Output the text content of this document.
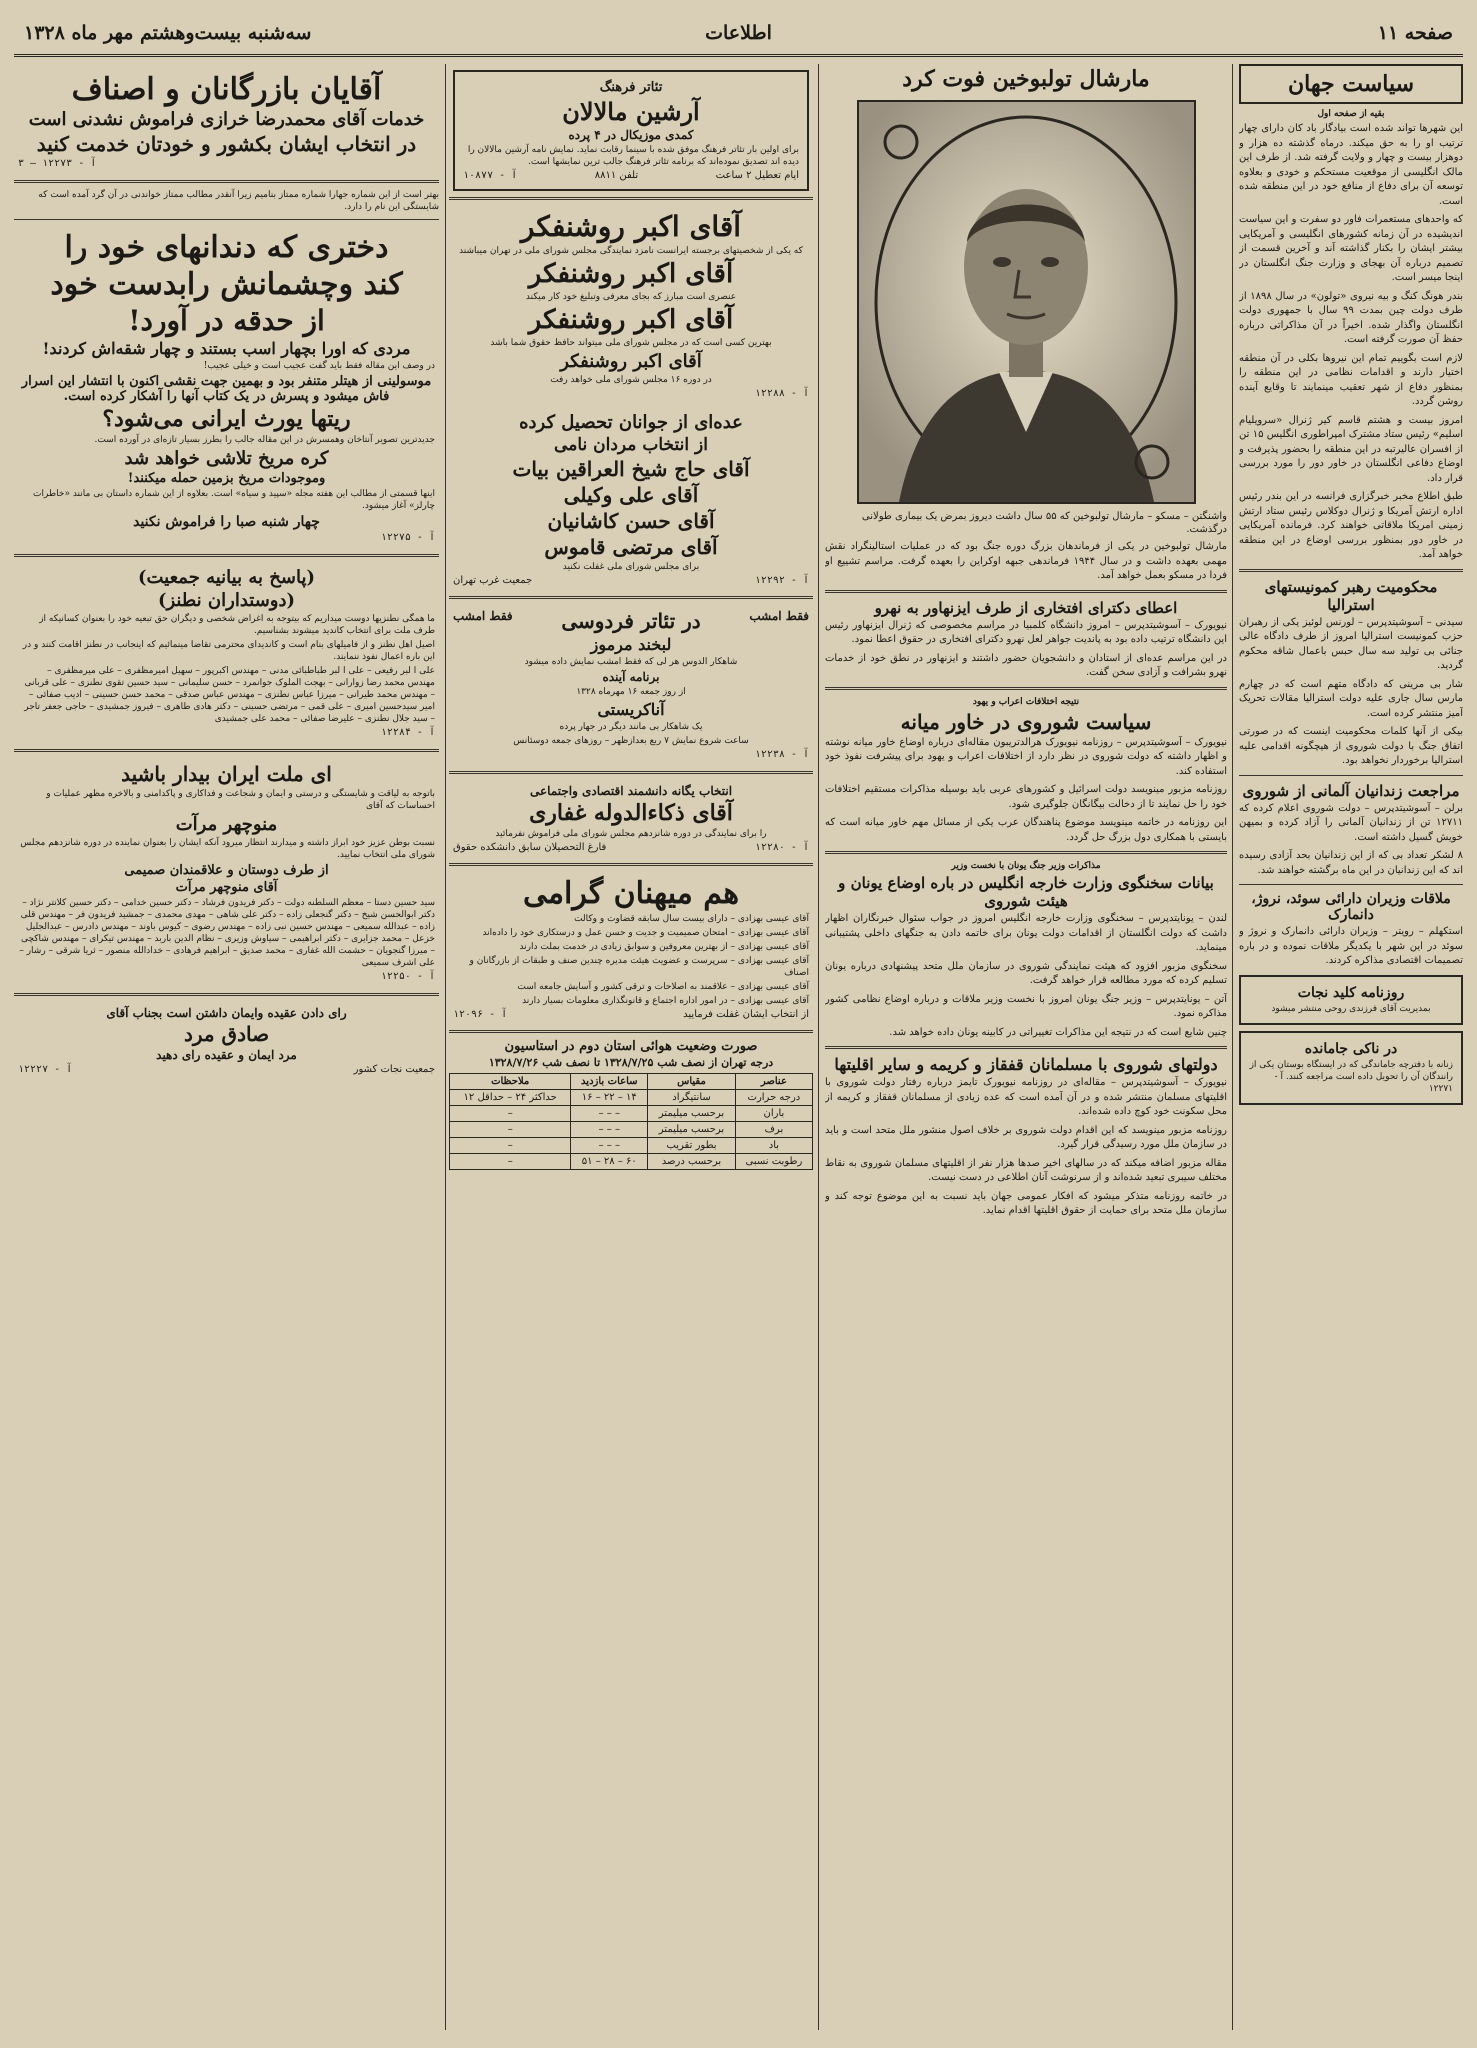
صفحه ۱۱
اطلاعات
سه‌شنبه بیست‌وهشتم مهر ماه ۱۳۲۸
سیاست جهان
بقیه از صفحه اول

این شهرها تواند شده است بیادگار باد کان دارای چهار ترتیب او را به حق میکند. درماه گذشته ده هزار و دوهزار بیست و چهار و ولایت گرفته شد. از طرف این مالک انگلیسی از موقعیت مستحکم و خودی و بعلاوه توسعه آن برای دفاع از منافع خود در این منطقه شده است.

که واحدهای مستعمرات فاور دو سفرت و این سیاست اندیشیده در آن زمانه کشورهای انگلیسی و آمریکایی بیشتر ایشان را بکنار گذاشته آند و آخرین قسمت از تصمیم درباره آن بهجای و وزارت جنگ انگلستان در اینجا میسر است.

بندر هونگ کنگ و بیه نیروی «تولون» در سال ۱۸۹۸ از طرف دولت چین بمدت ۹۹ سال با جمهوری دولت انگلستان واگذار شده. اخیراً در آن مذاکراتی درباره حفظ آن صورت گرفته است.

لازم است بگوییم تمام این نیروها بکلی در آن منطقه اختیار دارند و اقدامات نظامی در این منطقه را بمنظور دفاع از شهر تعقیب مینمایند تا وقایع آینده روشن گردد.

امروز بیست و هشتم قاسم کیر ژنرال «سرویلیام اسلیم» رئیس ستاد مشترک امپراطوری انگلیس ۱۵ تن از افسران عالیرتبه در این منطقه را بحضور پذیرفت و اوضاع دفاعی انگلستان در خاور دور را مورد بررسی قرار داد.

طبق اطلاع مخبر خبرگزاری فرانسه در این بندر رئیس اداره ارتش آمریکا و ژنرال دوکلاس رئیس ستاد ارتش زمینی امریکا ملاقاتی خواهند کرد. فرمانده آمریکایی در خاور دور بمنظور بررسی اوضاع در این منطقه خواهد آمد.

محکومیت رهبر کمونیستهای استرالیا

سیدنی – آسوشیتدپرس – لورنس لوئیز یکی از رهبران حزب کمونیست استرالیا امروز از طرف دادگاه عالی جنائی بی تولید سه سال حبس باعمال شاقه محکوم گردید.

شار بی مرینی که دادگاه متهم است که در چهارم مارس سال جاری علیه دولت استرالیا مقالات تحریک آمیز منتشر کرده است.

بیکی از آنها کلمات محکومیت اینست که در صورتی اتفاق جنگ با دولت شوروی از هیچگونه اقدامی علیه استرالیا برخوردار نخواهد بود.

مراجعت زندانیان آلمانی از شوروی

برلن – آسوشیتدپرس – دولت شوروی اعلام کرده که ۱۲۷۱۱ تن از زندانیان آلمانی را آزاد کرده و بمیهن خویش گسیل داشته است.

۸ لشکر تعداد بی که از این زندانیان بحد آزادی رسیده اند که این زندانیان در این ماه برگشته خواهند شد.

ملاقات وزیران دارائی سوئد، نروژ، دانمارک

استکهلم – رویتر – وزیران دارائی دانمارک و نروژ و سوئد در این شهر با یکدیگر ملاقات نموده و در باره تصمیمات اقتصادی مذاکره کردند.

روزنامه کلید نجات
بمدیریت آقای فرزندی روحی منتشر میشود
در ناکی جامانده
زنانه با دفترچه جاماندگی که در ایستگاه بوستان یکی از رانندگان آن را تحویل داده است مراجعه کنند. آ - ۱۲۲۷۱
مارشال تولبوخین فوت کرد

واشنگتن – مسکو – مارشال تولبوخین که ۵۵ سال داشت دیروز بمرض یک بیماری طولانی درگذشت.

مارشال تولبوخین در یکی از فرماندهان بزرگ دوره جنگ بود که در عملیات استالینگراد نقش مهمی بعهده داشت و در سال ۱۹۴۴ فرماندهی جبهه اوکراین را بعهده گرفت. مراسم تشییع او فردا در مسکو بعمل خواهد آمد.

اعطای دکترای افتخاری از طرف ایزنهاور به نهرو

نیویورک – آسوشیتدپرس – امروز دانشگاه کلمبیا در مراسم مخصوصی که ژنرال ایزنهاور رئیس این دانشگاه ترتیب داده بود به پاندیت جواهر لعل نهرو دکترای افتخاری در حقوق اعطا نمود.

در این مراسم عده‌ای از استادان و دانشجویان حضور داشتند و ایزنهاور در نطق خود از خدمات نهرو بشرافت و آزادی سخن گفت.

نتیجه اختلافات اعراب و یهود
سیاست شوروی در خاور میانه

نیویورک – آسوشیتدپرس – روزنامه نیویورک هرالدتریبون مقاله‌ای درباره اوضاع خاور میانه نوشته و اظهار داشته که دولت شوروی در نظر دارد از اختلافات اعراب و یهود برای پیشرفت نفوذ خود استفاده کند.

روزنامه مزبور مینویسد دولت اسرائیل و کشورهای عربی باید بوسیله مذاکرات مستقیم اختلافات خود را حل نمایند تا از دخالت بیگانگان جلوگیری شود.

این روزنامه در خاتمه مینویسد موضوع پناهندگان عرب یکی از مسائل مهم خاور میانه است که بایستی با همکاری دول بزرگ حل گردد.

مذاکرات وزیر جنگ یونان با نخست وزیر
بیانات سخنگوی وزارت خارجه انگلیس در باره اوضاع یونان و هیئت شوروی

لندن – یونایتدپرس – سخنگوی وزارت خارجه انگلیس امروز در جواب سئوال خبرنگاران اظهار داشت که دولت انگلستان از اقدامات دولت یونان برای خاتمه دادن به جنگهای داخلی پشتیبانی مینماید.

سخنگوی مزبور افزود که هیئت نمایندگی شوروی در سازمان ملل متحد پیشنهادی درباره یونان تسلیم کرده که مورد مطالعه قرار خواهد گرفت.

آتن – یونایتدپرس – وزیر جنگ یونان امروز با نخست وزیر ملاقات و درباره اوضاع نظامی کشور مذاکره نمود.

چنین شایع است که در نتیجه این مذاکرات تغییراتی در کابینه یونان داده خواهد شد.

دولتهای شوروی با مسلمانان قفقاز و کریمه و سایر اقلیتها

نیویورک – آسوشیتدپرس – مقاله‌ای در روزنامه نیویورک تایمز درباره رفتار دولت شوروی با اقلیتهای مسلمان منتشر شده و در آن آمده است که عده زیادی از مسلمانان قفقاز و کریمه از محل سکونت خود کوچ داده شده‌اند.

روزنامه مزبور مینویسد که این اقدام دولت شوروی بر خلاف اصول منشور ملل متحد است و باید در سازمان ملل مورد رسیدگی قرار گیرد.

مقاله مزبور اضافه میکند که در سالهای اخیر صدها هزار نفر از اقلیتهای مسلمان شوروی به نقاط مختلف سیبری تبعید شده‌اند و از سرنوشت آنان اطلاعی در دست نیست.

در خاتمه روزنامه متذکر میشود که افکار عمومی جهان باید نسبت به این موضوع توجه کند و سازمان ملل متحد برای حمایت از حقوق اقلیتها اقدام نماید.

تئاتر فرهنگ
آرشین مالالان
کمدی موزیکال در ۴ پرده

برای اولین بار تئاتر فرهنگ موفق شده با سینما رقابت نماید. نمایش نامه آرشین مالالان را دیده اند تصدیق نموده‌اند که برنامه تئاتر فرهنگ جالب ترین نمایشها است.

ایام تعطیل ۲ ساعت
تلفن ۸۸۱۱
آ - ۱۰۸۷۷
آقای اکبر روشنفکر

که یکی از شخصیتهای برجسته ایرانست نامزد نمایندگی مجلس شورای ملی در تهران میباشند

آقای اکبر روشنفکر

عنصری است مبارز که بجای معرفی وتبلیغ خود کار میکند

آقای اکبر روشنفکر

بهترین کسی است که در مجلس شورای ملی میتواند حافظ حقوق شما باشد

آقای اکبر روشنفکر

در دوره ۱۶ مجلس شورای ملی خواهد رفت

آ - ۱۲۲۸۸
عده‌ای از جوانان تحصیل کرده
از انتخاب مردان نامی
آقای حاج شیخ العراقین بیات
آقای علی وکیلی
آقای حسن کاشانیان
آقای مرتضی قاموس

برای مجلس شورای ملی غفلت نکنید

آ - ۱۲۲۹۲
جمعیت غرب تهران
فقط امشب
در تئاتر فردوسی
فقط امشب
لبخند مرموز

شاهکار الدوس هر لی که فقط امشب نمایش داده میشود

برنامه آینده
از روز جمعه ۱۶ مهرماه ۱۳۲۸
آناکریستی

یک شاهکار بی مانند دیگر در جهار پرده

ساعت شروع نمایش ۷ ربع بعدازظهر – روزهای جمعه دوسئانس

آ - ۱۲۲۳۸
انتخاب یگانه دانشمند اقتصادی واجتماعی
آقای ذکاءالدوله غفاری

را برای نمایندگی در دوره شانزدهم مجلس شورای ملی فراموش نفرمائید

آ - ۱۲۲۸۰
فارغ التحصیلان سابق دانشکده حقوق
هم میهنان گرامی

آقای عیسی بهزادی – دارای بیست سال سابقه قضاوت و وکالت

آقای عیسی بهزادی – امتحان صمیمیت و جدیت و حسن عمل و درستکاری خود را داده‌اند

آقای عیسی بهزادی – از بهترین معروفین و سوابق زیادی در خدمت بملت دارند

آقای عیسی بهزادی – سرپرست و عضویت هیئت مدیره چندین صنف و طبقات از بازرگانان و اصناف

آقای عیسی بهزادی – علاقمند به اصلاحات و ترقی کشور و آسایش جامعه است

آقای عیسی بهزادی – در امور اداره اجتماع و قانونگذاری معلومات بسیار دارند

از انتخاب ایشان غفلت فرمایید
آ - ۱۲۰۹۶
صورت وضعیت هوائی استان دوم در استاسیون
درجه تهران از نصف شب ۱۳۲۸/۷/۲۵ تا نصف شب ۱۳۲۸/۷/۲۶
عناصر	مقیاس	ساعات بازدید	ملاحظات
درجه حرارت	سانتیگراد	۱۴ – ۲۲ – ۱۶	حداکثر ۲۴ – حداقل ۱۲
باران	برحسب میلیمتر	– – –	–
برف	برحسب میلیمتر	– – –	–
باد	بطور تقریب	– – –	–
رطوبت نسبی	برحسب درصد	۶۰ – ۲۸ – ۵۱	–
آقایان بازرگانان و اصناف
خدمات آقای محمدرضا خرازی فراموش نشدنی است
در انتخاب ایشان بکشور و خودتان خدمت کنید
آ - ۱۲۲۷۳ – ۳

بهتر است از این شماره جهارا شماره ممتاز بنامیم زیرا آنقدر مطالب ممتاز خواندنی در آن گرد آمده است که شایستگی این نام را دارد.

دختری که دندانهای خود را
کند وچشمانش رابدست خود
از حدقه در آورد!
مردی که اورا بچهار اسب بستند و چهار شقه‌اش کردند!

در وصف این مقاله فقط باید گفت عجیب است و خیلی عجیب!

موسولینی از هیتلر متنفر بود و بهمین جهت نقشی اکنون با انتشار این اسرار فاش میشود و پسرش در یک کتاب آنها را آشکار کرده است.
ریتها یورث ایرانی می‌شود؟

جدیدترین تصویر آنتاخان وهمسرش در این مقاله جالب را بطرز بسیار تازه‌ای در آورده است.

کره مریخ تلاشی خواهد شد
وموجودات مریخ بزمین حمله میکنند!

اینها قسمتی از مطالب این هفته مجله «سپید و سیاه» است. بعلاوه از این شماره داستان بی مانند «خاطرات چارلز» آغاز میشود.

چهار شنبه صبا را فراموش نکنید
آ - ۱۲۲۷۵
(پاسخ به بیانیه جمعیت)
(دوستداران نطنز)

ما همگی نطنزیها دوست میداریم که بیتوجه به اغراض شخصی و دیگران حق تبعیه خود را بعنوان کسانیکه از طرف ملت برای انتخاب کاندید میشوند بشناسیم.

اصیل اهل نطنز و از فامیلهای بنام است و کاندیدای محترمی تقاضا مینمائیم که اینجانب در نطنز اقامت کنند و در این باره اعمال نفوذ ننمایند.

علی ا لبر رفیعی – علی ا لبر طباطبائی مدنی – مهندس اکبرپور – سهیل امیرمظفری – علی میرمظفری – مهندس محمد رضا زوارانی – بهجت الملوک جوانمرد – حسن سلیمانی – سید حسین تقوی نطنزی – علی قربانی – مهندس محمد طیرانی – میرزا عباس نطنزی – مهندس عباس صدقی – محمد حسن حسینی – ادیب صفائی – امیر سیدحسین امیری – علی قمی – مرتضی حسینی – دکتر هادی طاهری – فیروز جمشیدی – حاجی جعفر تاجر – سید جلال نطنزی – علیرضا صفائی – محمد علی جمشیدی

آ - ۱۲۲۸۴
ای ملت ایران بیدار باشید

باتوجه به لیاقت و شایستگی و درستی و ایمان و شجاعت و فداکاری و پاکدامنی و بالاخره مظهر عملیات و احساسات که آقای

منوچهر مرآت

نسبت بوطن عزیز خود ابراز داشته و میدارند انتظار میرود آنکه ایشان را بعنوان نماینده در دوره شانزدهم مجلس شورای ملی انتخاب نمایید.

از طرف دوستان و علاقمندان صمیمی
آقای منوچهر مرآت

سید حسین دستا – معظم السلطنه دولت – دکتر فریدون فرشاد – دکتر حسین خدامی – دکتر حسین کلانتر نژاد – دکتر ابوالحسن شیخ – دکتر گنجعلی زاده – دکتر علی شاهی – مهدی محمدی – جمشید فریدون فر – مهندس قلی زاده – عبدالله سمیعی – مهندس حسین نبی زاده – مهندس رضوی – کیوس باوند – مهندس دادرس – عبدالجلیل خزعل – محمد جزایری – دکتر ابراهیمی – سیاوش وزیری – نظام الدین باربد – مهندس تیکرای – مهندس شاکچی – میرزا گنجویان – حشمت الله غفاری – محمد صدیق – ابراهیم فرهادی – خدادالله منصور – ثریا شرقی – رشار – علی اشرف سمیعی

آ - ۱۲۲۵۰
رای دادن عقیده وایمان داشتن است بجناب آقای
صادق مرد
مرد ایمان و عقیده رای دهید
جمعیت نجات کشور
آ - ۱۲۲۲۷
